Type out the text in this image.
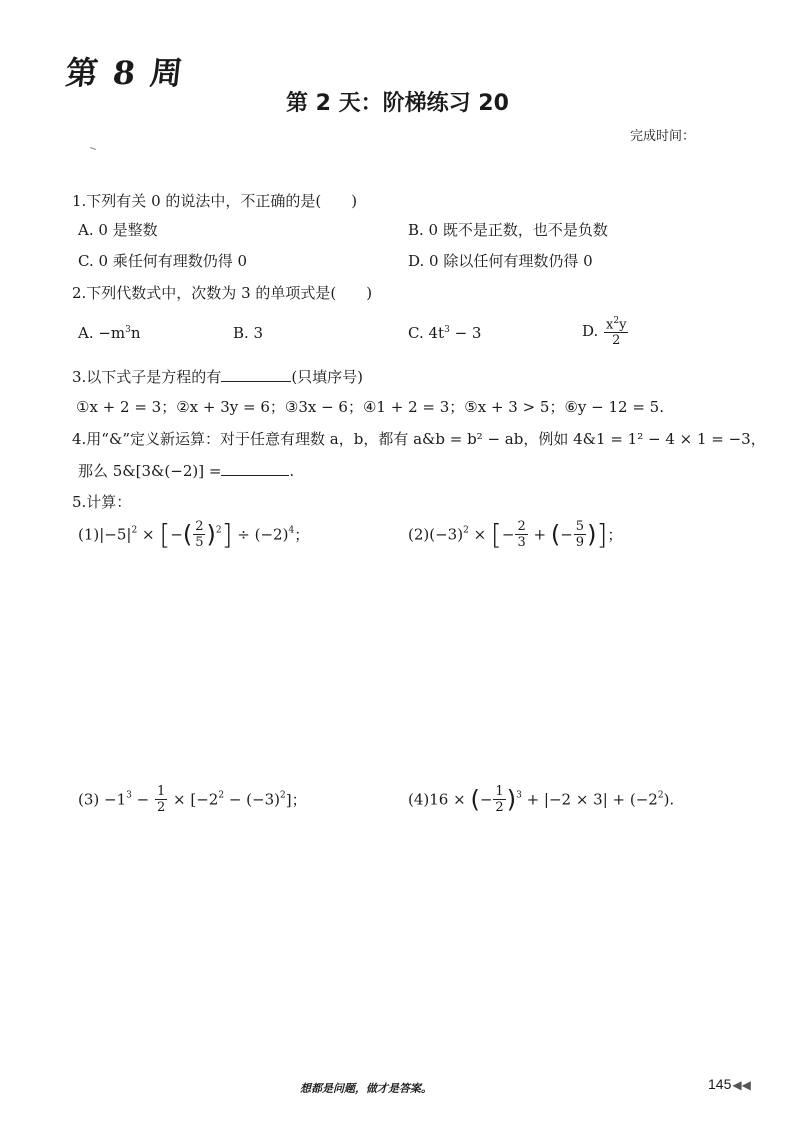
第 8 周
第 2 天：阶梯练习 20
完成时间：
1.下列有关 0 的说法中，不正确的是(　　)
A. 0 是整数	B. 0 既不是正数，也不是负数
C. 0 乘任何有理数仍得 0	D. 0 除以任何有理数仍得 0
2.下列代数式中，次数为 3 的单项式是(　　)
A. $-m^3n$	B. 3	C. $4t^3 - 3$	D. $\frac{x^2y}{2}$
3.以下式子是方程的有	(只填序号)
①x + 2 = 3；②x + 3y = 6；③3x − 6；④1 + 2 = 3；⑤x + 3 > 5；⑥y − 12 = 5.
4.用“&”定义新运算：对于任意有理数 a，b，都有 a&b = b² − ab，例如 4&1 = 1² − 4 × 1 = −3，
那么 5&[3&(−2)] =	.
5.计算：
$(1)|-5|^2$ × [−( $\frac{2}{5} )^2] \div (-2)^4$；	$(2)(-3)^2$ × [− $\frac{2}{3}$ + (− $\frac{5}{9}$ )]；
$(3) -1^3 - \frac{1}{2} \times [-2^2 - (-3)^2]$；	(4)16 × (− $\frac{1}{2} )^3 + |-2 \times 3| + (-2^2)$.
想都是问题，做才是答案。	145◀◀
